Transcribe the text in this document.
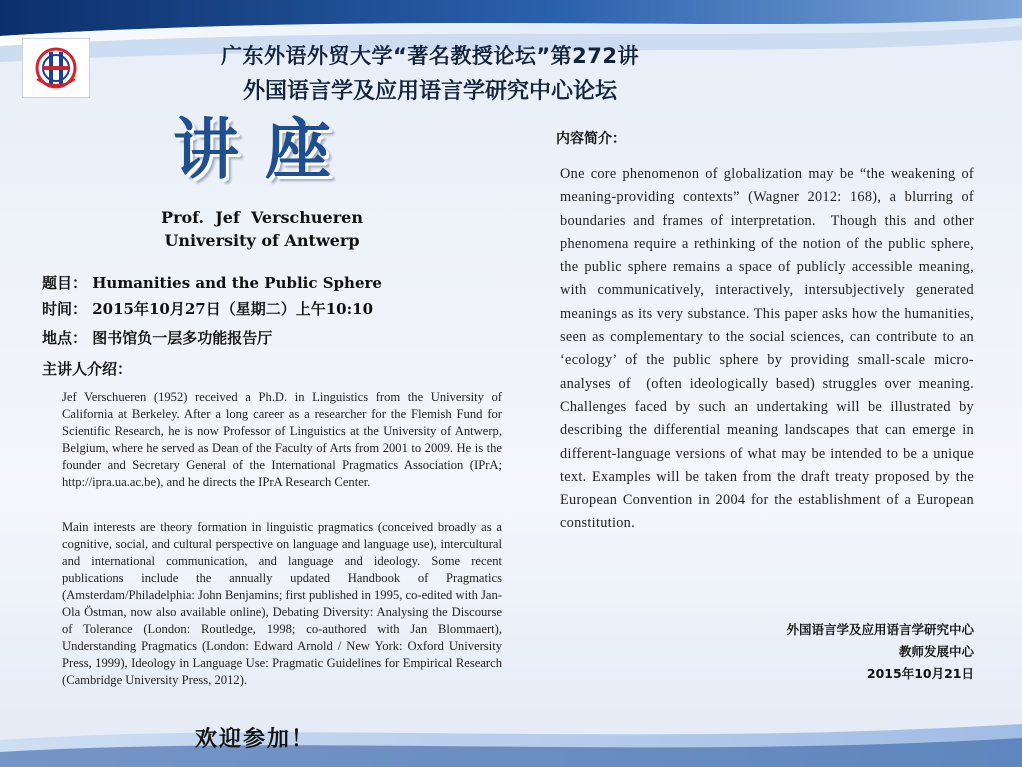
广东外语外贸大学“著名教授论坛”第272讲
外国语言学及应用语言学研究中心论坛
讲座
Prof.  Jef  Verschueren
University of Antwerp
题目： Humanities and the Public Sphere
时间： 2015年10月27日（星期二）上午10:10
地点： 图书馆负一层多功能报告厅
主讲人介绍：
Jef Verschueren (1952) received a Ph.D. in Linguistics from the University of California at Berkeley. After a long career as a researcher for the Flemish Fund for Scientific Research, he is now Professor of Linguistics at the University of Antwerp, Belgium, where he served as Dean of the Faculty of Arts from 2001 to 2009. He is the founder and Secretary General of the International Pragmatics Association (IPrA; http://ipra.ua.ac.be), and he directs the IPrA Research Center.
Main interests are theory formation in linguistic pragmatics (conceived broadly as a cognitive, social, and cultural perspective on language and language use), intercultural and international communication, and language and ideology. Some recent publications include the annually updated Handbook of Pragmatics (Amsterdam/Philadelphia: John Benjamins; first published in 1995, co-edited with Jan-Ola Östman, now also available online), Debating Diversity: Analysing the Discourse of Tolerance (London: Routledge, 1998; co-authored with Jan Blommaert), Understanding Pragmatics (London: Edward Arnold / New York: Oxford University Press, 1999), Ideology in Language Use: Pragmatic Guidelines for Empirical Research (Cambridge University Press, 2012).
欢迎参加！
内容简介：
One core phenomenon of globalization may be “the weakening of meaning-providing contexts” (Wagner 2012: 168), a blurring of boundaries and frames of interpretation.  Though this and other phenomena require a rethinking of the notion of the public sphere, the public sphere remains a space of publicly accessible meaning, with communicatively, interactively, intersubjectively generated meanings as its very substance. This paper asks how the humanities, seen as complementary to the social sciences, can contribute to an ‘ecology’ of the public sphere by providing small-scale micro-analyses of  (often ideologically based) struggles over meaning. Challenges faced by such an undertaking will be illustrated by describing the differential meaning landscapes that can emerge in different-language versions of what may be intended to be a unique text. Examples will be taken from the draft treaty proposed by the European Convention in 2004 for the establishment of a European constitution.
外国语言学及应用语言学研究中心
教师发展中心
2015年10月21日
